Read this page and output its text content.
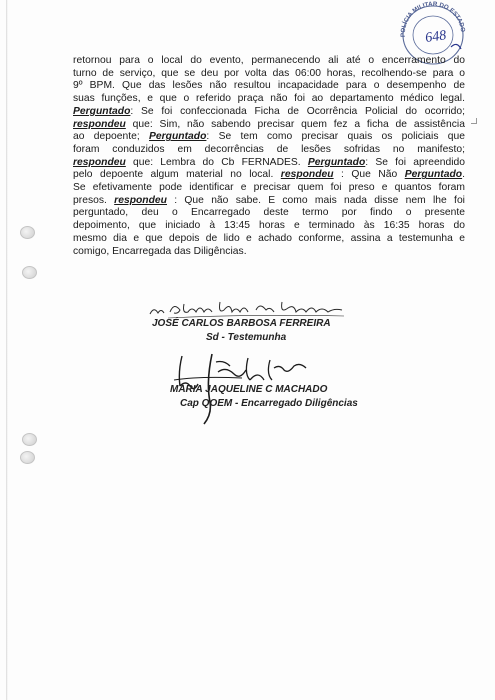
POLÍCIA MILITAR DO ESTADO
648
retornou para o local do evento, permanecendo ali até o encerramento do
turno de serviço, que se deu por volta das 06:00 horas, recolhendo-se para o
9º BPM. Que das lesões não resultou incapacidade para o desempenho de
suas funções, e que o referido praça não foi ao departamento médico legal.
Perguntado: Se foi confeccionada Ficha de Ocorrência Policial do ocorrido;
respondeu que: Sim, não sabendo precisar quem fez a ficha de assistência
ao depoente; Perguntado: Se tem como precisar quais os policiais que
foram conduzidos em decorrências de lesões sofridas no manifesto;
respondeu que: Lembra do Cb FERNADES. Perguntado: Se foi apreendido
pelo depoente algum material no local. respondeu : Que Não Perguntado.
Se efetivamente pode identificar e precisar quem foi preso e quantos foram
presos. respondeu : Que não sabe. E como mais nada disse nem lhe foi
perguntado, deu o Encarregado deste termo por findo o presente
depoimento, que iniciado à 13:45 horas e terminado às 16:35 horas do
mesmo dia e que depois de lido e achado conforme, assina a testemunha e
comigo, Encarregada das Diligências.
JOSÉ CARLOS BARBOSA FERREIRA
Sd - Testemunha
MARIA JAQUELINE C MACHADO
Cap QOEM - Encarregado Diligências
